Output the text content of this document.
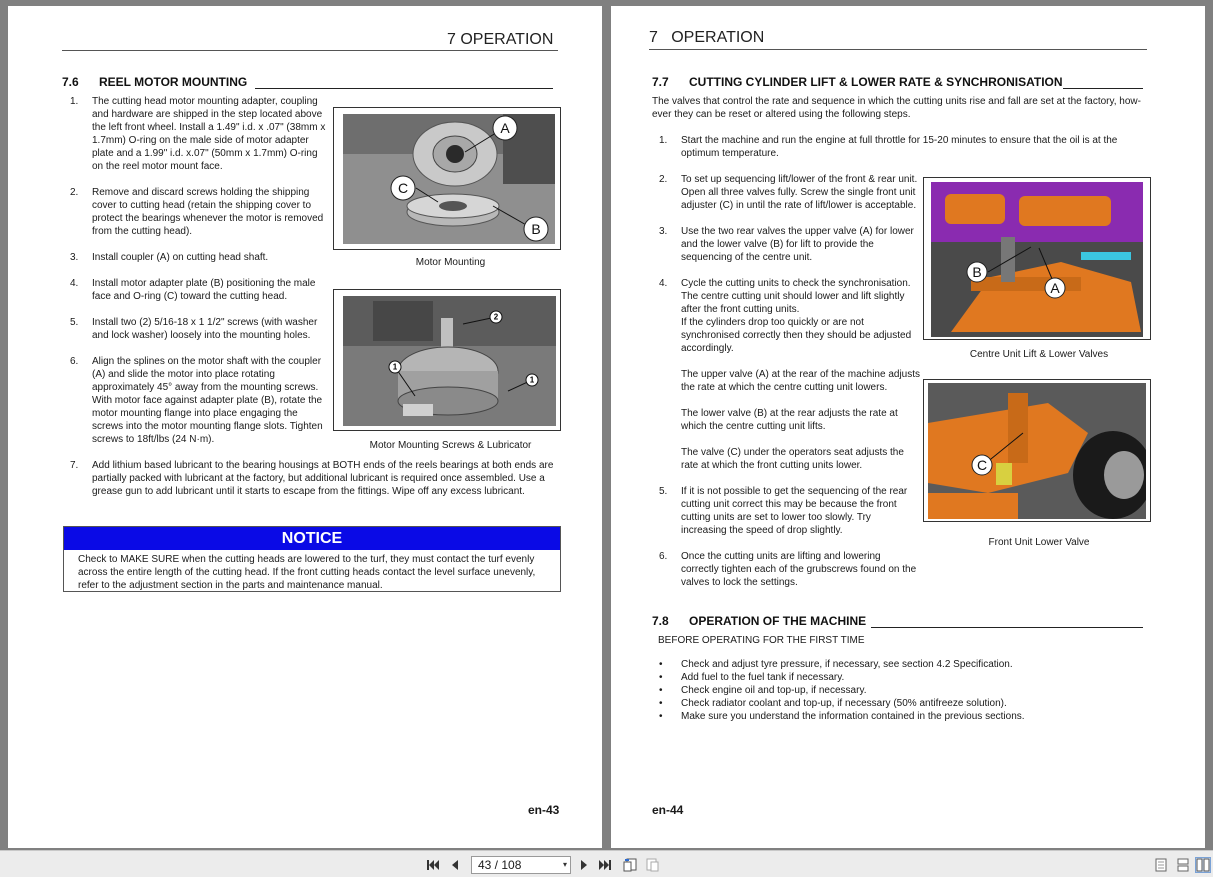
7 OPERATION
7.6 REEL MOTOR MOUNTING
1. The cutting head motor mounting adapter, coupling
and hardware are shipped in the step located above
the left front wheel. Install a 1.49" i.d. x .07" (38mm x
1.7mm) O-ring on the male side of motor adapter
plate and a 1.99" i.d. x.07" (50mm x 1.7mm) O-ring
on the reel motor mount face.
2. Remove and discard screws holding the shipping
cover to cutting head (retain the shipping cover to
protect the bearings whenever the motor is removed
from the cutting head).
3. Install coupler (A) on cutting head shaft.
4. Install motor adapter plate (B) positioning the male
face and O-ring (C) toward the cutting head.
5. Install two (2) 5/16-18 x 1 1/2" screws (with washer
and lock washer) loosely into the mounting holes.
6. Align the splines on the motor shaft with the coupler
(A) and slide the motor into place rotating
approximately 45° away from the mounting screws.
With motor face against adapter plate (B), rotate the
motor mounting flange into place engaging the
screws into the motor mounting flange slots. Tighten
screws to 18ft/lbs (24 N·m).
7. Add lithium based lubricant to the bearing housings at BOTH ends of the reels bearings at both ends are
partially packed with lubricant at the factory, but additional lubricant is required once assembled. Use a
grease gun to add lubricant until it starts to escape from the fittings. Wipe off any excess lubricant.
A
C
B
Motor Mounting
1
2
1
Motor Mounting Screws & Lubricator
NOTICE
Check to MAKE SURE when the cutting heads are lowered to the turf, they must contact the turf evenly
across the entire length of the cutting head. If the front cutting heads contact the level surface unevenly,
refer to the adjustment section in the parts and maintenance manual.
en-43
7   OPERATION
7.7 CUTTING CYLINDER LIFT & LOWER RATE & SYNCHRONISATION
The valves that control the rate and sequence in which the cutting units rise and fall are set at the factory, how-
ever they can be reset or altered using the following steps.
1. Start the machine and run the engine at full throttle for 15-20 minutes to ensure that the oil is at the
optimum temperature.
2. To set up sequencing lift/lower of the front & rear unit.
Open all three valves fully. Screw the single front unit
adjuster (C) in until the rate of lift/lower is acceptable.
3. Use the two rear valves the upper valve (A) for lower
and the lower valve (B) for lift to provide the
sequencing of the centre unit.
4. Cycle the cutting units to check the synchronisation.
The centre cutting unit should lower and lift slightly
after the front cutting units.
If the cylinders drop too quickly or are not
synchronised correctly then they should be adjusted
accordingly.
The upper valve (A) at the rear of the machine adjusts
the rate at which the centre cutting unit lowers.
The lower valve (B) at the rear adjusts the rate at
which the centre cutting unit lifts.
The valve (C) under the operators seat adjusts the
rate at which the front cutting units lower.
5. If it is not possible to get the sequencing of the rear
cutting unit correct this may be because the front
cutting units are set to lower too slowly. Try
increasing the speed of drop slightly.
6. Once the cutting units are lifting and lowering
correctly tighten each of the grubscrews found on the
valves to lock the settings.
B
A
Centre Unit Lift & Lower Valves
C
Front Unit Lower Valve
7.8 OPERATION OF THE MACHINE
BEFORE OPERATING FOR THE FIRST TIME
• Check and adjust tyre pressure, if necessary, see section 4.2 Specification.
• Add fuel to the fuel tank if necessary.
• Check engine oil and top-up, if necessary.
• Check radiator coolant and top-up, if necessary (50% antifreeze solution).
• Make sure you understand the information contained in the previous sections.
en-44
43 / 108	▾
